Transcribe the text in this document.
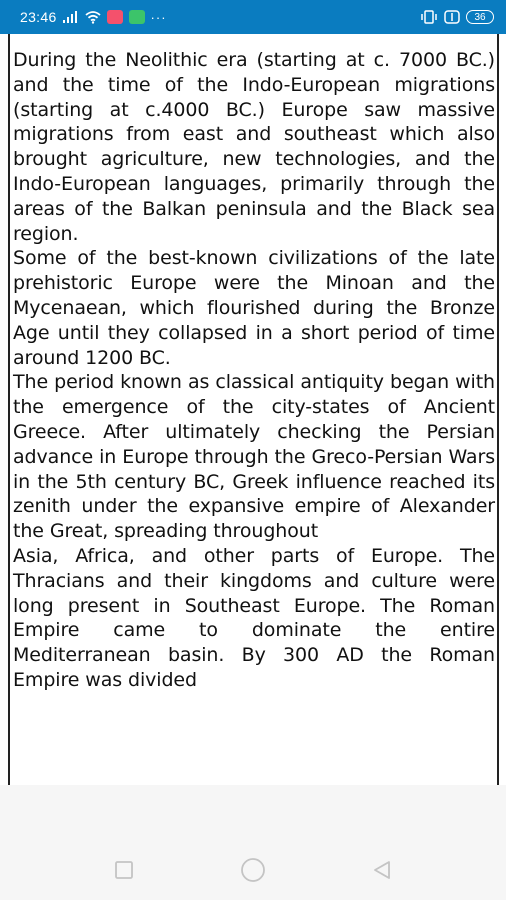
23:46	···	36

During the Neolithic era (starting at c. 7000 BC.) and the time of the Indo-European migrations (starting at c.4000 BC.) Europe saw massive migrations from east and southeast which also brought agriculture, new technologies, and the Indo-European languages, primarily through the areas of the Balkan peninsula and the Black sea region.

Some of the best-known civilizations of the late prehistoric Europe were the Minoan and the Mycenaean, which flourished during the Bronze Age until they collapsed in a short period of time around 1200 BC.

The period known as classical antiquity began with the emergence of the city-states of Ancient Greece. After ultimately checking the Persian advance in Europe through the Greco-Persian Wars in the 5th century BC, Greek influence reached its zenith under the expansive empire of Alexander the Great, spreading throughout

Asia, Africa, and other parts of Europe. The Thracians and their kingdoms and culture were long present in Southeast Europe. The Roman Empire came to dominate the entire Mediterranean basin. By 300 AD the Roman Empire was divided
